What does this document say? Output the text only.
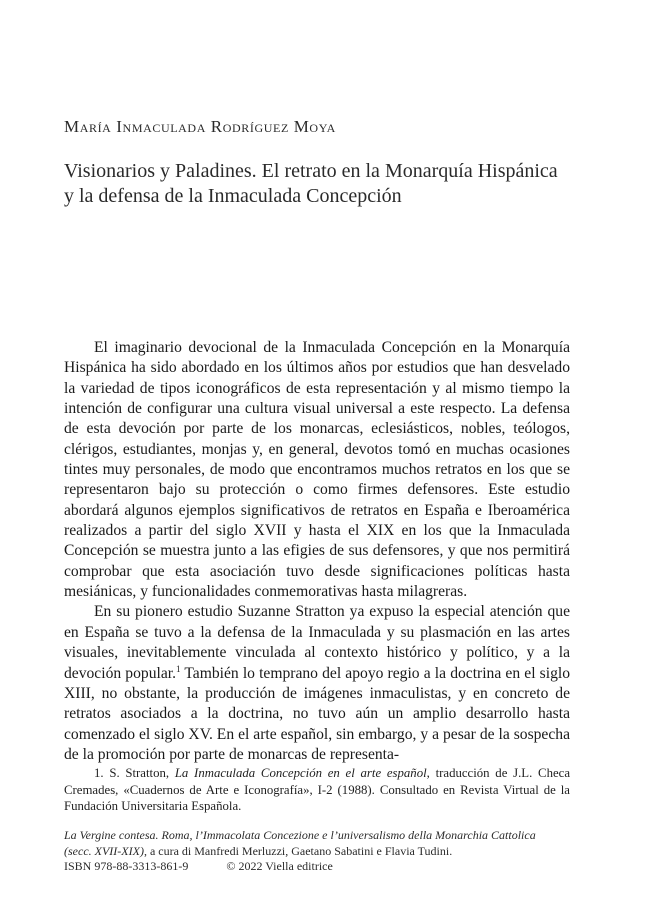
María Inmaculada Rodríguez Moya
Visionarios y Paladines. El retrato en la Monarquía Hispánica
y la defensa de la Inmaculada Concepción

El imaginario devocional de la Inmaculada Concepción en la Monarquía Hispánica ha sido abordado en los últimos años por estudios que han desvelado la variedad de tipos iconográficos de esta representación y al mismo tiempo la intención de configurar una cultura visual universal a este respecto. La defensa de esta devoción por parte de los monarcas, eclesiásticos, nobles, teólogos, clérigos, estudiantes, monjas y, en general, devotos tomó en muchas ocasiones tintes muy personales, de modo que encontramos muchos retratos en los que se representaron bajo su protección o como firmes defensores. Este estudio abordará algunos ejemplos significativos de retratos en España e Iberoamérica realizados a partir del siglo XVII y hasta el XIX en los que la Inmaculada Concepción se muestra junto a las efigies de sus defensores, y que nos permitirá comprobar que esta asociación tuvo desde significaciones políticas hasta mesiánicas, y funcionalidades conmemorativas hasta milagreras.

En su pionero estudio Suzanne Stratton ya expuso la especial atención que en España se tuvo a la defensa de la Inmaculada y su plasmación en las artes visuales, inevitablemente vinculada al contexto histórico y político, y a la devoción popular.$^1$ También lo temprano del apoyo regio a la doctrina en el siglo XIII, no obstante, la producción de imágenes inmaculistas, y en concreto de retratos asociados a la doctrina, no tuvo aún un amplio desarrollo hasta comenzado el siglo XV. En el arte español, sin embargo, y a pesar de la sospecha de la promoción por parte de monarcas de representa-

1. S. Stratton, La Inmaculada Concepción en el arte español, traducción de J.L. Checa Cremades, «Cuadernos de Arte e Iconografía», I-2 (1988). Consultado en Revista Virtual de la Fundación Universitaria Española.

La Vergine contesa. Roma, l’Immacolata Concezione e l’universalismo della Monarchia Cattolica
(secc. XVII-XIX), a cura di Manfredi Merluzzi, Gaetano Sabatini e Flavia Tudini.
ISBN 978-88-3313-861-9	© 2022 Viella editrice
